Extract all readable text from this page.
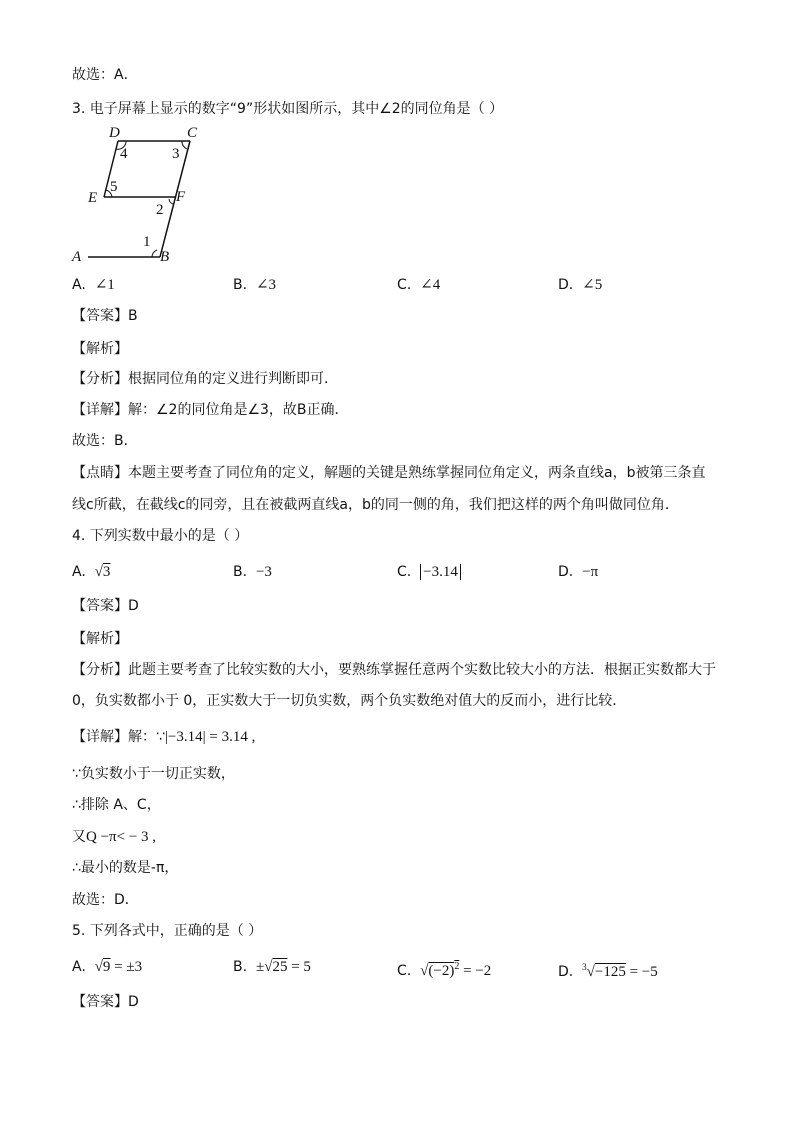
故选：A．
3. 电子屏幕上显示的数字“9”形状如图所示，其中∠2的同位角是（ ）
D	C
E	F
A	B
4	3
5
2
1
A. ∠1	B. ∠3	C. ∠4	D. ∠5
【答案】B
【解析】
【分析】根据同位角的定义进行判断即可．
【详解】解：∠2的同位角是∠3，故B正确．
故选：B．
【点睛】本题主要考查了同位角的定义，解题的关键是熟练掌握同位角定义，两条直线a，b被第三条直
线c所截，在截线c的同旁，且在被截两直线a，b的同一侧的角，我们把这样的两个角叫做同位角．
4. 下列实数中最小的是（ ）
A. √3	B. −3	C. −3.14	D. −π
【答案】D
【解析】
【分析】此题主要考查了比较实数的大小，要熟练掌握任意两个实数比较大小的方法．根据正实数都大于
0，负实数都小于 0，正实数大于一切负实数，两个负实数绝对值大的反而小，进行比较．
【详解】解：∵|−3.14| = 3.14 ,
∵负实数小于一切正实数，
∴排除 A、C，
又Q −π< − 3 ,
∴最小的数是-π，
故选：D．
5. 下列各式中，正确的是（ ）
A. √9 = ±3	B. ±√25 = 5	C. $√(-2)^2 = -2$	D. $^3$√−125 = −5
【答案】D
